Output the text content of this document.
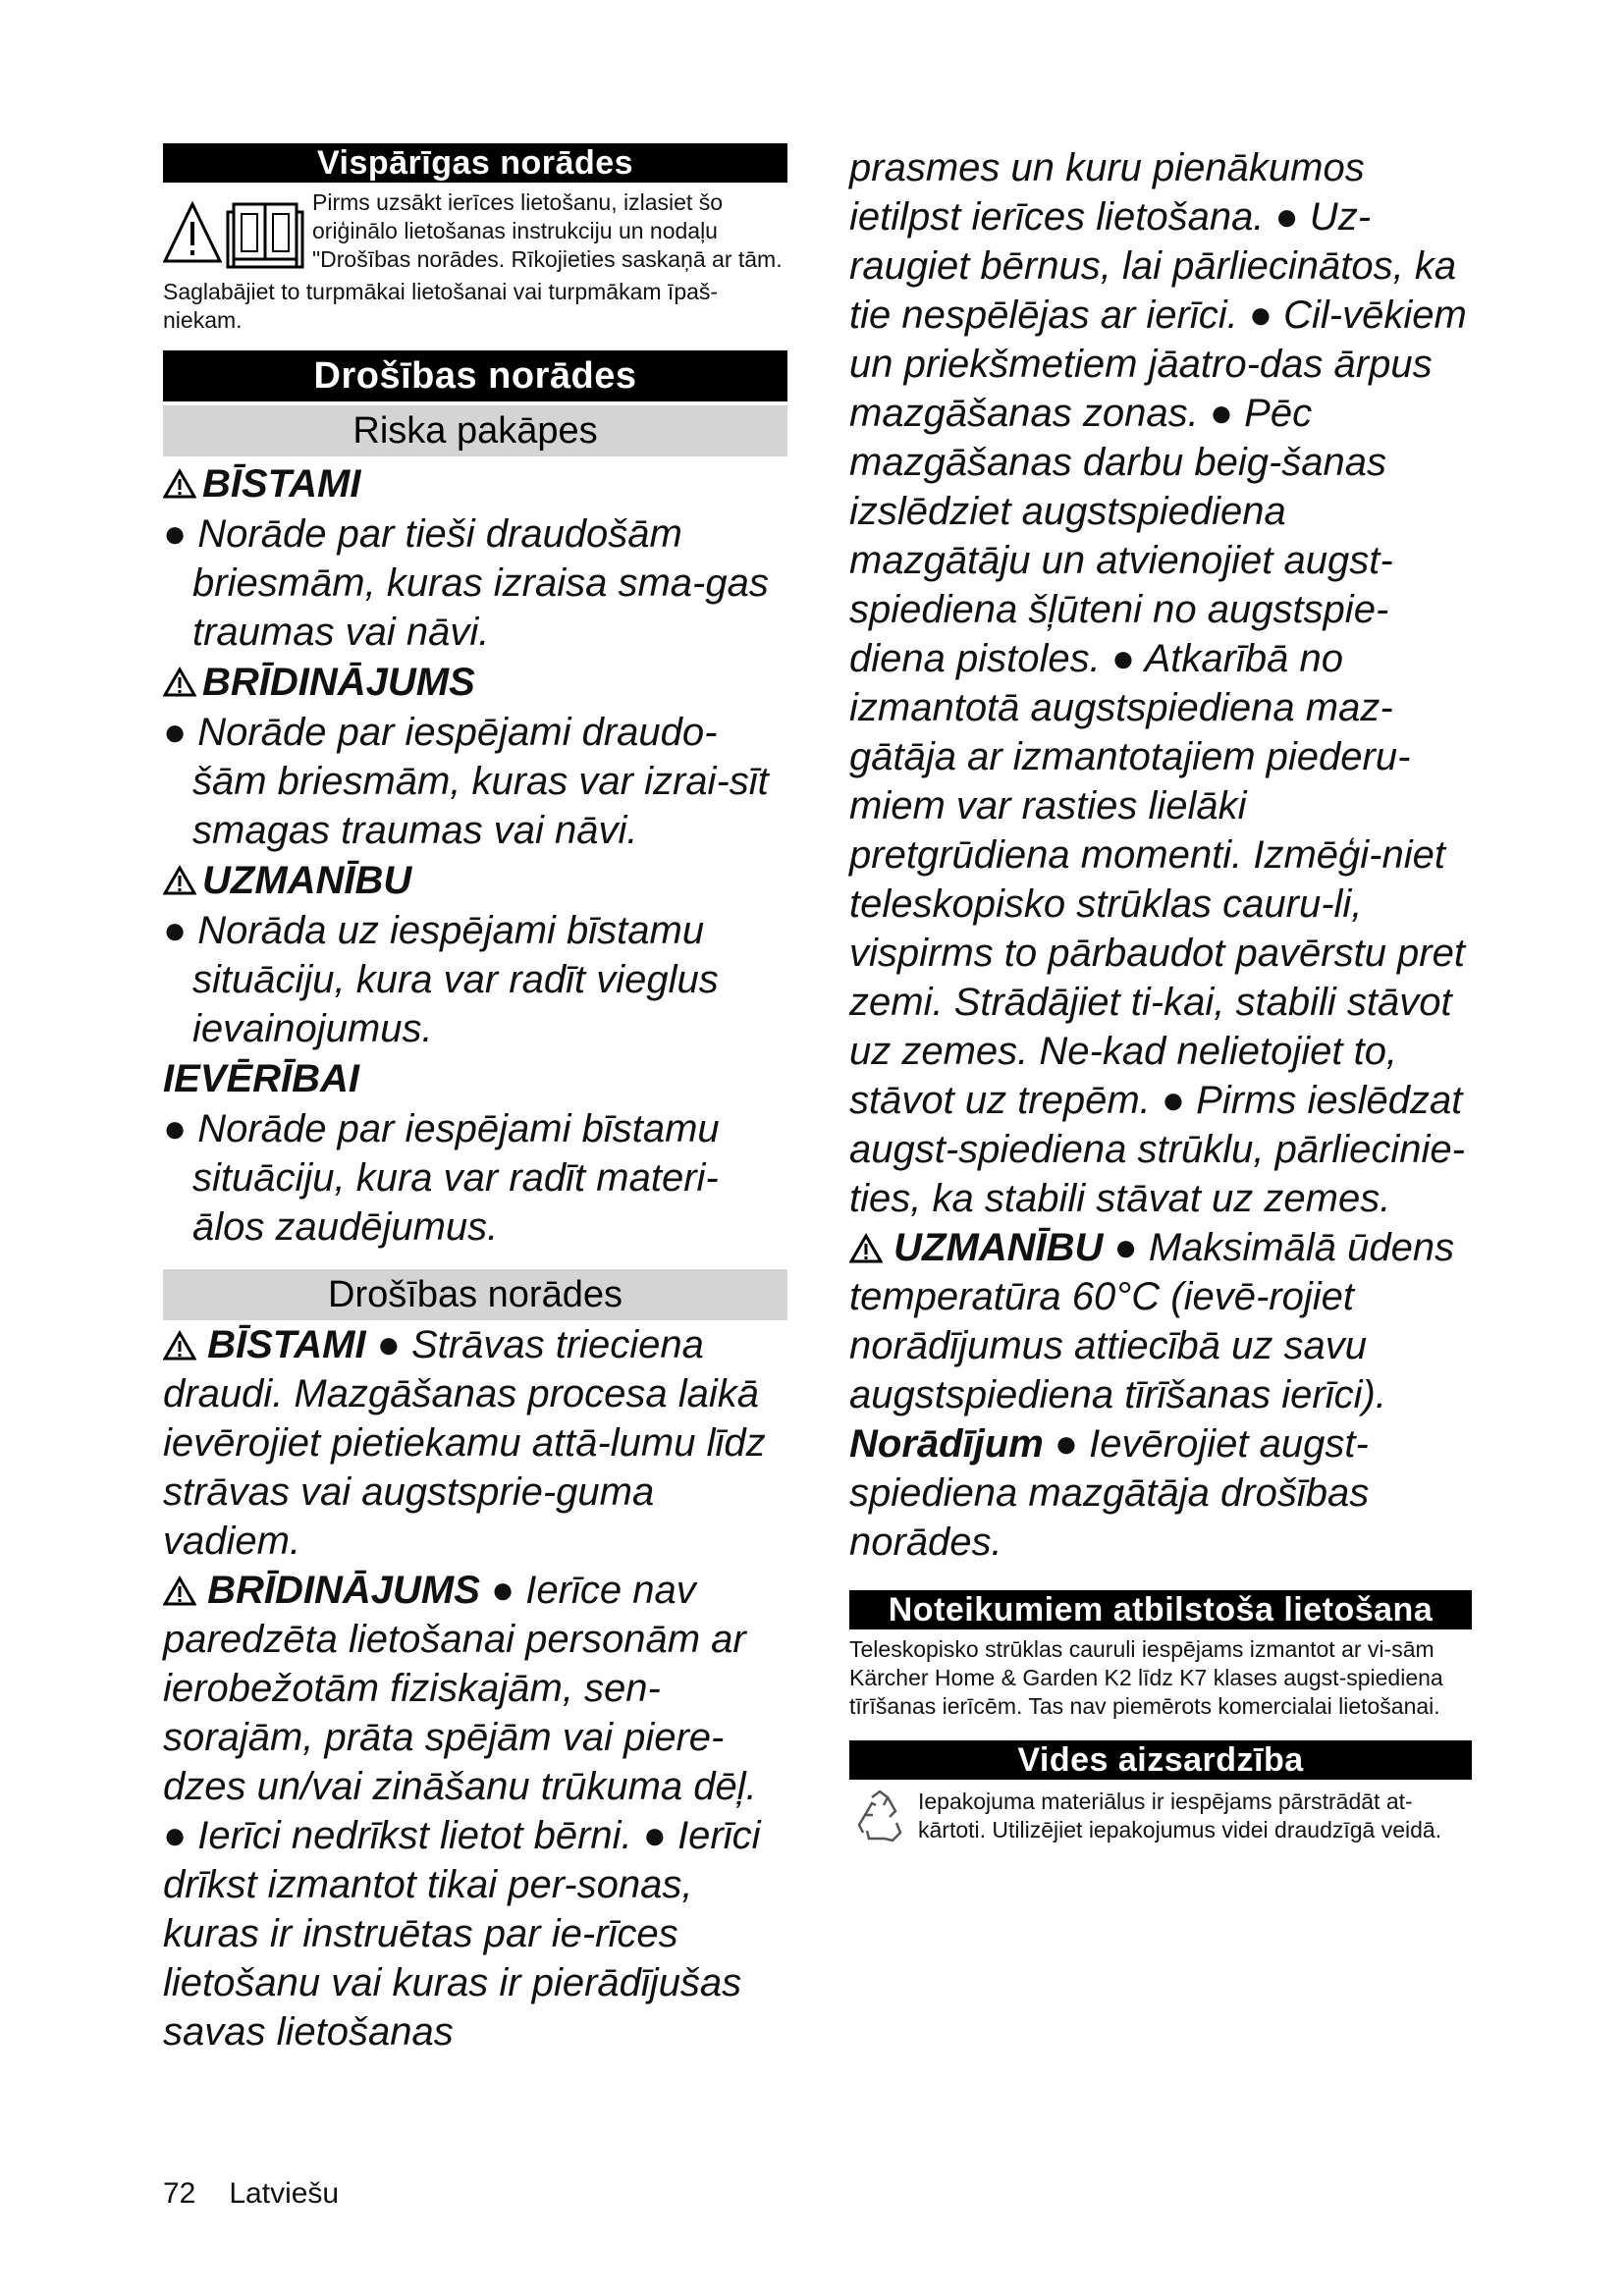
Vispārīgas norādes

Pirms uzsākt ierīces lietošanu, izlasiet šo oriģinālo lietošanas instrukciju un nodaļu "Drošības norādes. Rīkojieties saskaņā ar tām.

Saglabājiet to turpmākai lietošanai vai turpmākam īpaš-niekam.

Drošības norādes
Riska pakāpes
BĪSTAMI

● Norāde par tieši draudošām briesmām, kuras izraisa sma-gas traumas vai nāvi.

BRĪDINĀJUMS

● Norāde par iespējami draudo-šām briesmām, kuras var izrai-sīt smagas traumas vai nāvi.

UZMANĪBU

● Norāda uz iespējami bīstamu situāciju, kura var radīt vieglus ievainojumus.

IEVĒRĪBAI

● Norāde par iespējami bīstamu situāciju, kura var radīt materi-ālos zaudējumus.

Drošības norādes

BĪSTAMI ● Strāvas trieciena draudi. Mazgāšanas procesa laikā ievērojiet pietiekamu attā-lumu līdz strāvas vai augstsprie-guma vadiem.

BRĪDINĀJUMS ● Ierīce nav paredzēta lietošanai personām ar ierobežotām fiziskajām, sen-sorajām, prāta spējām vai piere-dzes un/vai zināšanu trūkuma dēļ. ● Ierīci nedrīkst lietot bērni. ● Ierīci drīkst izmantot tikai per-sonas, kuras ir instruētas par ie-rīces lietošanu vai kuras ir pierādījušas savas lietošanas

prasmes un kuru pienākumos ietilpst ierīces lietošana. ● Uz-raugiet bērnus, lai pārliecinātos, ka tie nespēlējas ar ierīci. ● Cil-vēkiem un priekšmetiem jāatro-das ārpus mazgāšanas zonas. ● Pēc mazgāšanas darbu beig-šanas izslēdziet augstspiediena mazgātāju un atvienojiet augst-spiediena šļūteni no augstspie-diena pistoles. ● Atkarībā no izmantotā augstspiediena maz-gātāja ar izmantotajiem piederu-miem var rasties lielāki pretgrūdiena momenti. Izmēģi-niet teleskopisko strūklas cauru-li, vispirms to pārbaudot pavērstu pret zemi. Strādājiet ti-kai, stabili stāvot uz zemes. Ne-kad nelietojiet to, stāvot uz trepēm. ● Pirms ieslēdzat augst-spiediena strūklu, pārliecinie-ties, ka stabili stāvat uz zemes.

UZMANĪBU ● Maksimālā ūdens temperatūra 60°C (ievē-rojiet norādījumus attiecībā uz savu augstspiediena tīrīšanas ierīci).

Norādījum ● Ievērojiet augst-spiediena mazgātāja drošības norādes.

Noteikumiem atbilstoša lietošana

Teleskopisko strūklas cauruli iespējams izmantot ar vi-sām Kärcher Home & Garden K2 līdz K7 klases augst-spiediena tīrīšanas ierīcēm. Tas nav piemērots komercialai lietošanai.

Vides aizsardzība

Iepakojuma materiālus ir iespējams pārstrādāt at-kārtoti. Utilizējiet iepakojumus videi draudzīgā veidā.

72 Latviešu
